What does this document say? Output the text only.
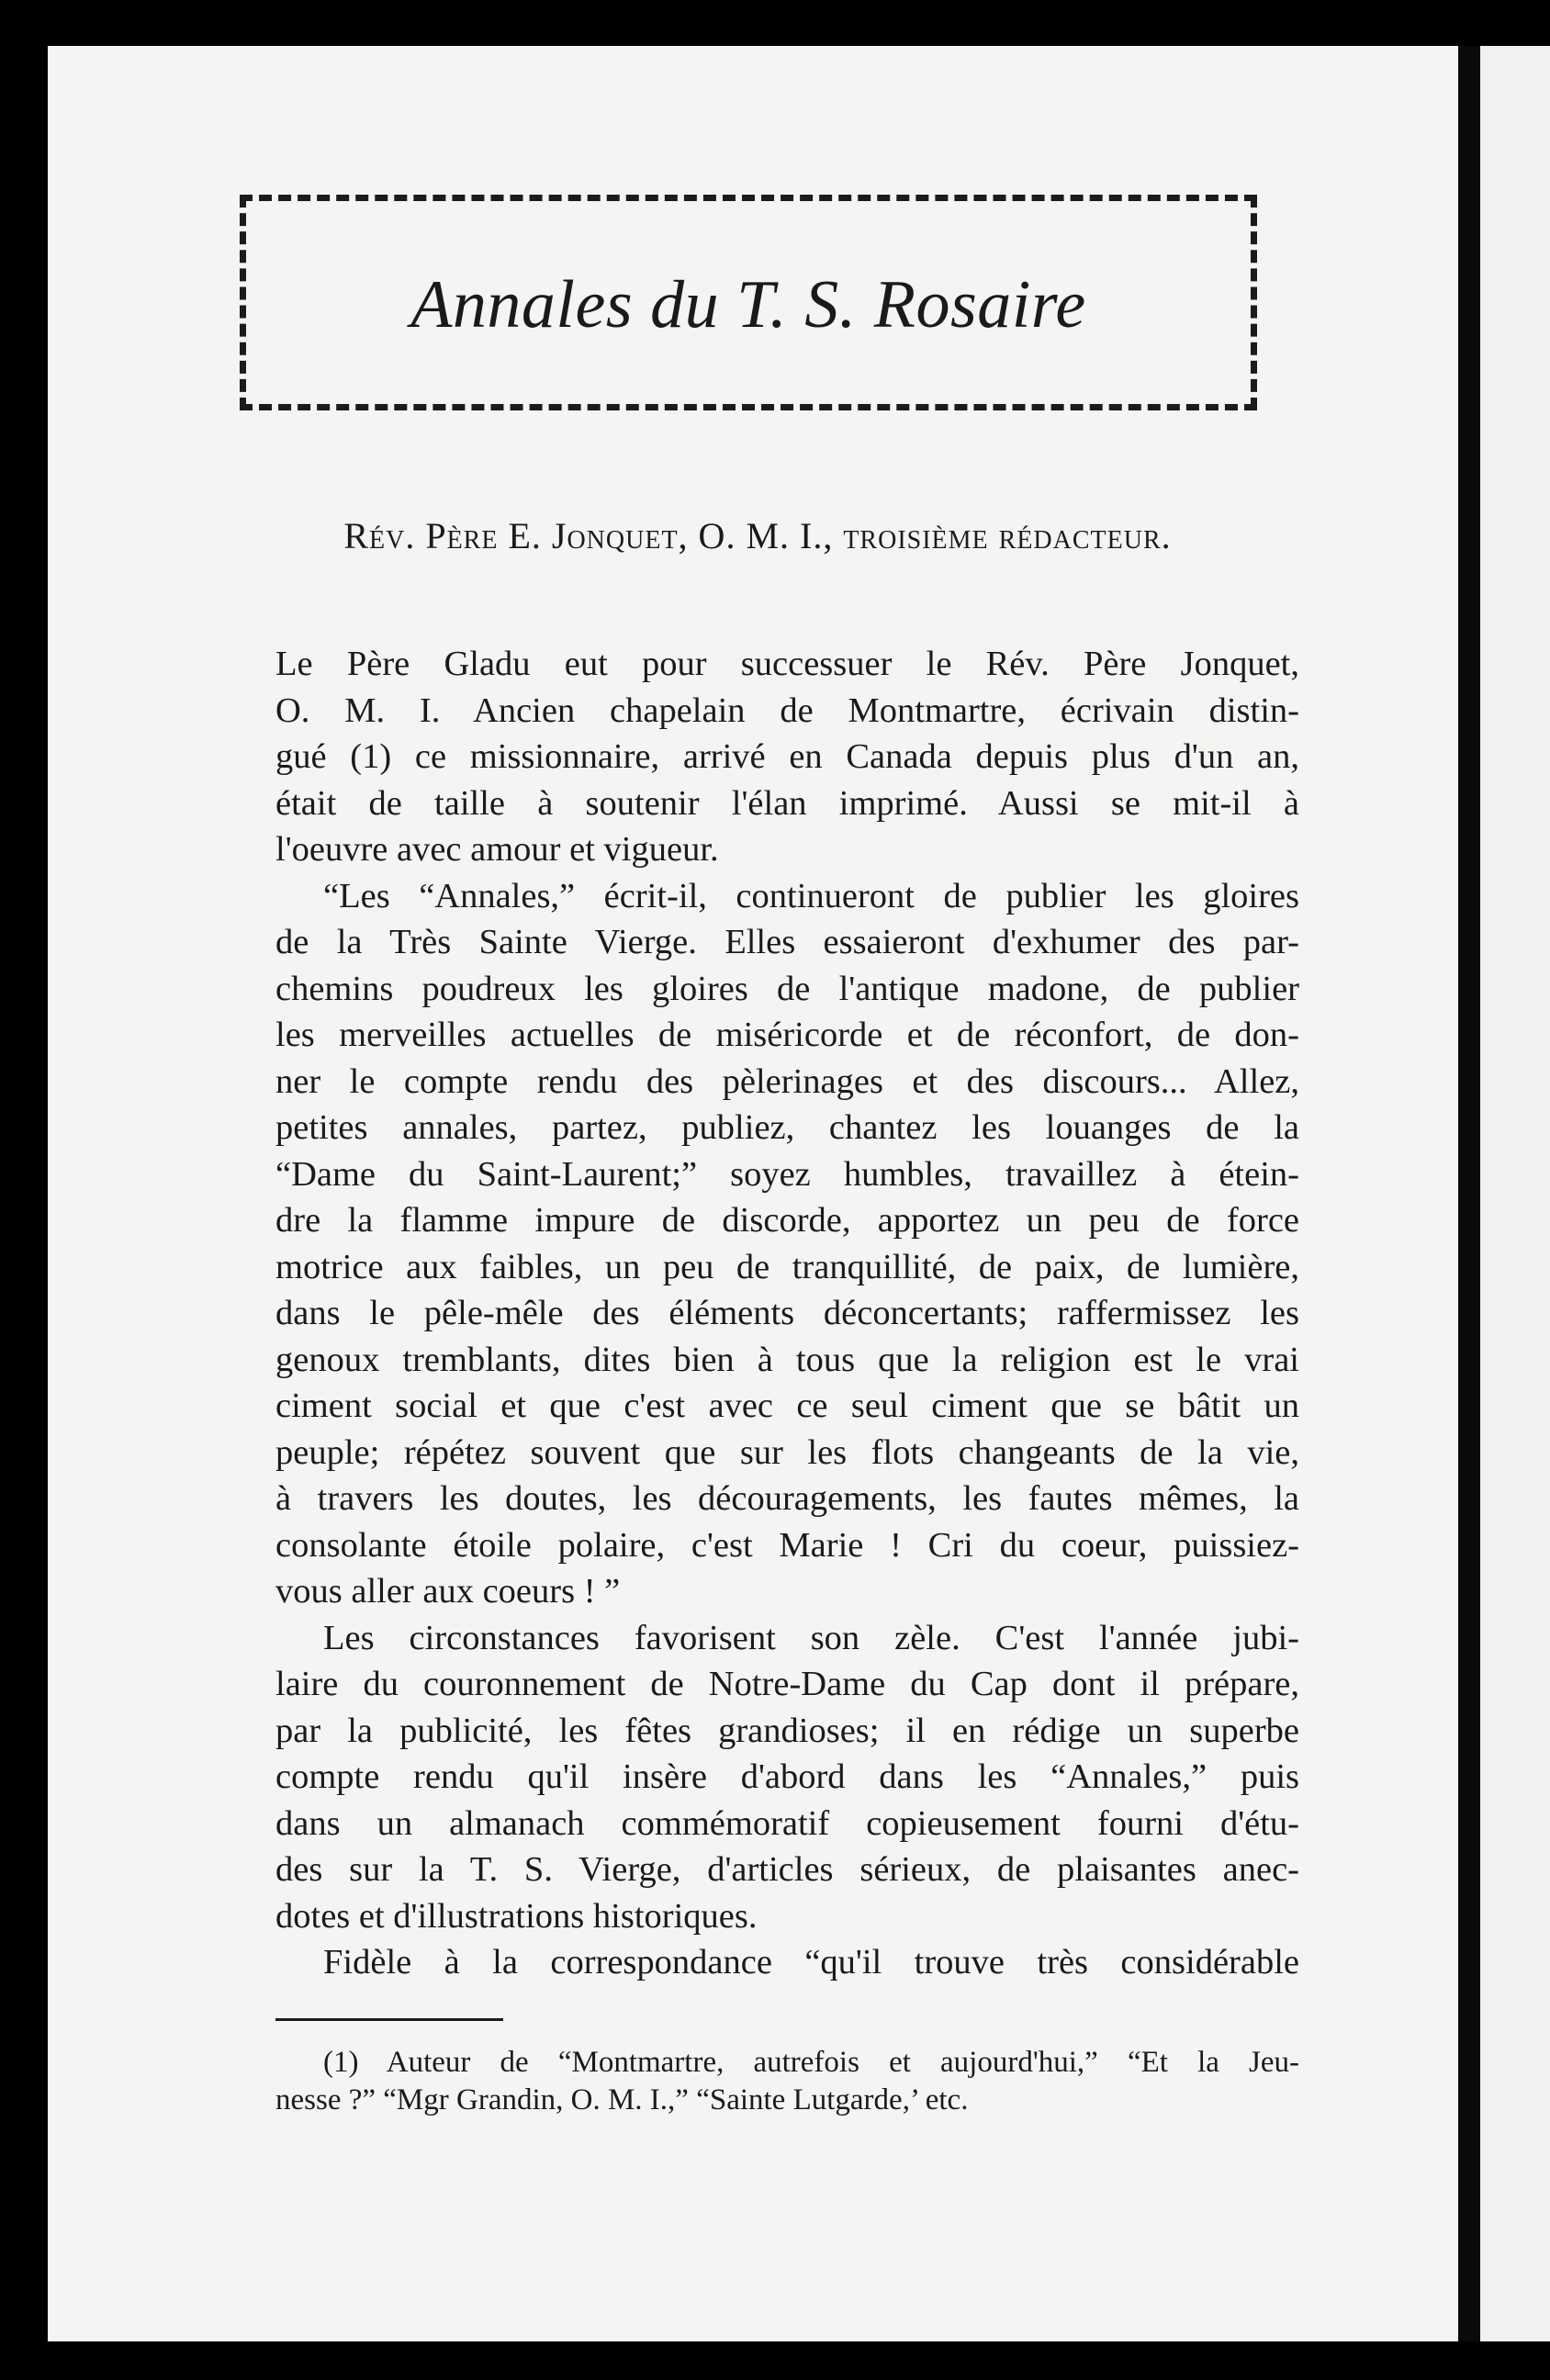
Annales du T. S. Rosaire
Rév. Père E. Jonquet, O. M. I., troisième rédacteur.
Le Père Gladu eut pour successuer le Rév. Père Jonquet,
O. M. I. Ancien chapelain de Montmartre, écrivain distin-
gué (1) ce missionnaire, arrivé en Canada depuis plus d'un an,
était de taille à soutenir l'élan imprimé. Aussi se mit-il à
l'oeuvre avec amour et vigueur.
“Les “Annales,” écrit-il, continueront de publier les gloires
de la Très Sainte Vierge. Elles essaieront d'exhumer des par-
chemins poudreux les gloires de l'antique madone, de publier
les merveilles actuelles de miséricorde et de réconfort, de don-
ner le compte rendu des pèlerinages et des discours... Allez,
petites annales, partez, publiez, chantez les louanges de la
“Dame du Saint-Laurent;” soyez humbles, travaillez à étein-
dre la flamme impure de discorde, apportez un peu de force
motrice aux faibles, un peu de tranquillité, de paix, de lumière,
dans le pêle-mêle des éléments déconcertants; raffermissez les
genoux tremblants, dites bien à tous que la religion est le vrai
ciment social et que c'est avec ce seul ciment que se bâtit un
peuple; répétez souvent que sur les flots changeants de la vie,
à travers les doutes, les découragements, les fautes mêmes, la
consolante étoile polaire, c'est Marie ! Cri du coeur, puissiez-
vous aller aux coeurs ! ”
Les circonstances favorisent son zèle. C'est l'année jubi-
laire du couronnement de Notre-Dame du Cap dont il prépare,
par la publicité, les fêtes grandioses; il en rédige un superbe
compte rendu qu'il insère d'abord dans les “Annales,” puis
dans un almanach commémoratif copieusement fourni d'étu-
des sur la T. S. Vierge, d'articles sérieux, de plaisantes anec-
dotes et d'illustrations historiques.
Fidèle à la correspondance “qu'il trouve très considérable
(1) Auteur de “Montmartre, autrefois et aujourd'hui,” “Et la Jeu-
nesse ?” “Mgr Grandin, O. M. I.,” “Sainte Lutgarde,’ etc.
